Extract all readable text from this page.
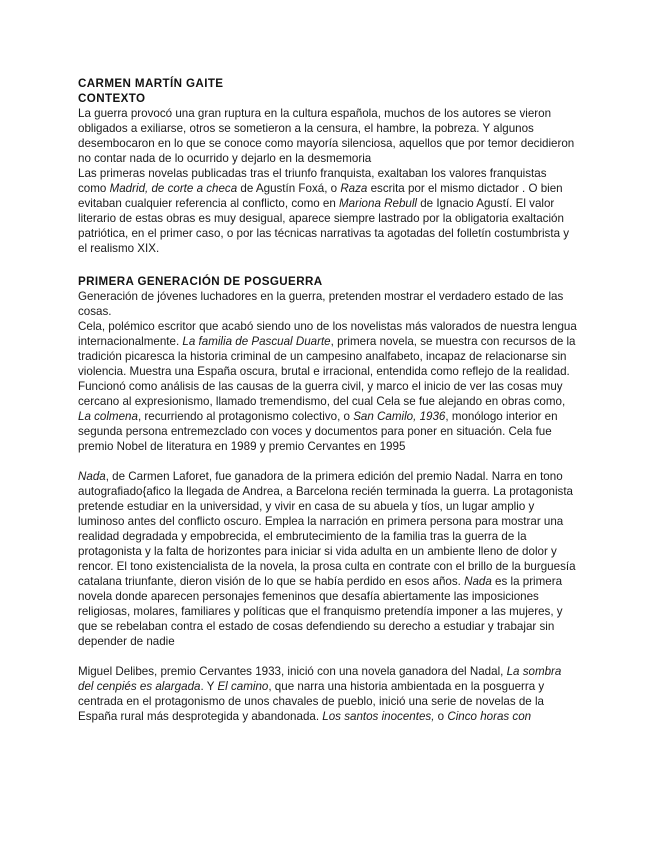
CARMEN MARTÍN GAITE
CONTEXTO

La guerra provocó una gran ruptura en la cultura española, muchos de los autores se vieron obligados a exiliarse, otros se sometieron a la censura, el hambre, la pobreza. Y algunos desembocaron en lo que se conoce como mayoría silenciosa, aquellos que por temor decidieron no contar nada de lo ocurrido y dejarlo en la desmemoria

Las primeras novelas publicadas tras el triunfo franquista, exaltaban los valores franquistas como Madrid, de corte a checa de Agustín Foxá, o Raza escrita por el mismo dictador . O bien evitaban cualquier referencia al conflicto, como en Mariona Rebull de Ignacio Agustí. El valor literario de estas obras es muy desigual, aparece siempre lastrado por la obligatoria exaltación patriótica, en el primer caso, o por las técnicas narrativas ta agotadas del folletín costumbrista y el realismo XIX.

PRIMERA GENERACIÓN DE POSGUERRA

Generación de jóvenes luchadores en la guerra, pretenden mostrar el verdadero estado de las cosas.

Cela, polémico escritor que acabó siendo uno de los novelistas más valorados de nuestra lengua internacionalmente. La familia de Pascual Duarte, primera novela, se muestra con recursos de la tradición picaresca la historia criminal de un campesino analfabeto, incapaz de relacionarse sin violencia. Muestra una España oscura, brutal e irracional, entendida como reflejo de la realidad. Funcionó como análisis de las causas de la guerra civil, y marco el inicio de ver las cosas muy cercano al expresionismo, llamado tremendismo, del cual Cela se fue alejando en obras como, La colmena, recurriendo al protagonismo colectivo, o San Camilo, 1936, monólogo interior en segunda persona entremezclado con voces y documentos para poner en situación. Cela fue premio Nobel de literatura en 1989 y premio Cervantes en 1995

Nada, de Carmen Laforet, fue ganadora de la primera edición del premio Nadal. Narra en tono autografiado{afico la llegada de Andrea, a Barcelona recién terminada la guerra. La protagonista pretende estudiar en la universidad, y vivir en casa de su abuela y tíos, un lugar amplio y luminoso antes del conflicto oscuro. Emplea la narración en primera persona para mostrar una realidad degradada y empobrecida, el embrutecimiento de la familia tras la guerra de la protagonista y la falta de horizontes para iniciar si vida adulta en un ambiente lleno de dolor y rencor. El tono existencialista de la novela, la prosa culta en contrate con el brillo de la burguesía catalana triunfante, dieron visión de lo que se había perdido en esos años. Nada es la primera novela donde aparecen personajes femeninos que desafía abiertamente las imposiciones religiosas, molares, familiares y políticas que el franquismo pretendía imponer a las mujeres, y que se rebelaban contra el estado de cosas defendiendo su derecho a estudiar y trabajar sin depender de nadie

Miguel Delibes, premio Cervantes 1933, inició con una novela ganadora del Nadal, La sombra del cenpiés es alargada. Y El camino, que narra una historia ambientada en la posguerra y centrada en el protagonismo de unos chavales de pueblo, inició una serie de novelas de la España rural más desprotegida y abandonada. Los santos inocentes, o Cinco horas con
